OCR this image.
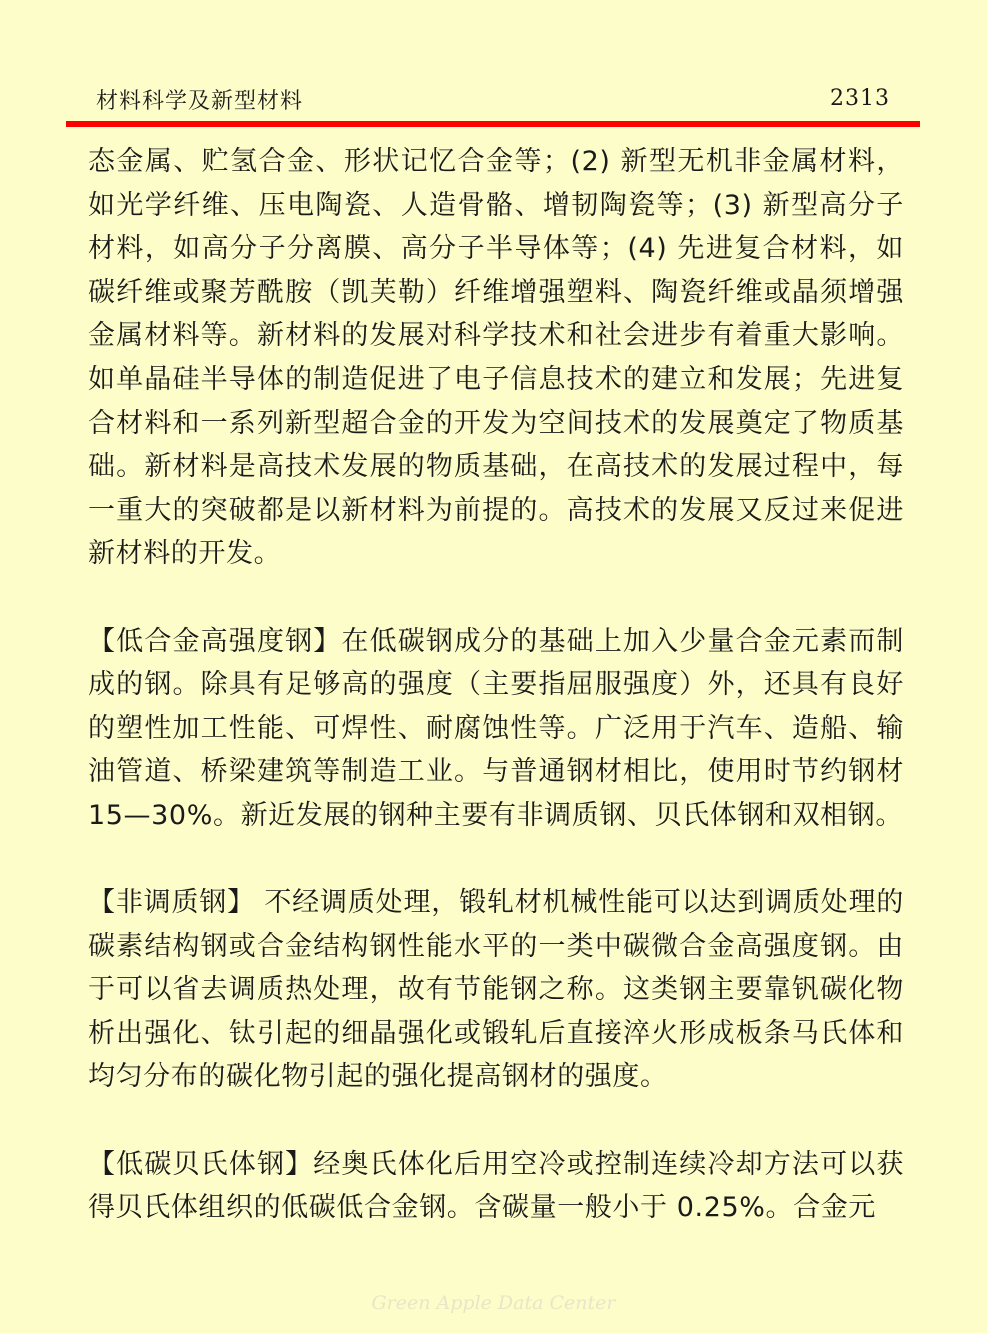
材料科学及新型材料	2313

态金属、贮氢合金、形状记忆合金等；(2) 新型无机非金属材料，如光学纤维、压电陶瓷、人造骨骼、增韧陶瓷等；(3) 新型高分子材料，如高分子分离膜、高分子半导体等；(4) 先进复合材料，如碳纤维或聚芳酰胺（凯芙勒）纤维增强塑料、陶瓷纤维或晶须增强金属材料等。新材料的发展对科学技术和社会进步有着重大影响。如单晶硅半导体的制造促进了电子信息技术的建立和发展；先进复合材料和一系列新型超合金的开发为空间技术的发展奠定了物质基础。新材料是高技术发展的物质基础，在高技术的发展过程中，每一重大的突破都是以新材料为前提的。高技术的发展又反过来促进新材料的开发。

【低合金高强度钢】在低碳钢成分的基础上加入少量合金元素而制成的钢。除具有足够高的强度（主要指屈服强度）外，还具有良好的塑性加工性能、可焊性、耐腐蚀性等。广泛用于汽车、造船、输油管道、桥梁建筑等制造工业。与普通钢材相比，使用时节约钢材 15—30%。新近发展的钢种主要有非调质钢、贝氏体钢和双相钢。

【非调质钢】 不经调质处理，锻轧材机械性能可以达到调质处理的碳素结构钢或合金结构钢性能水平的一类中碳微合金高强度钢。由于可以省去调质热处理，故有节能钢之称。这类钢主要靠钒碳化物析出强化、钛引起的细晶强化或锻轧后直接淬火形成板条马氏体和均匀分布的碳化物引起的强化提高钢材的强度。

【低碳贝氏体钢】经奥氏体化后用空冷或控制连续冷却方法可以获得贝氏体组织的低碳低合金钢。含碳量一般小于 0.25%。合金元

Green Apple Data Center
